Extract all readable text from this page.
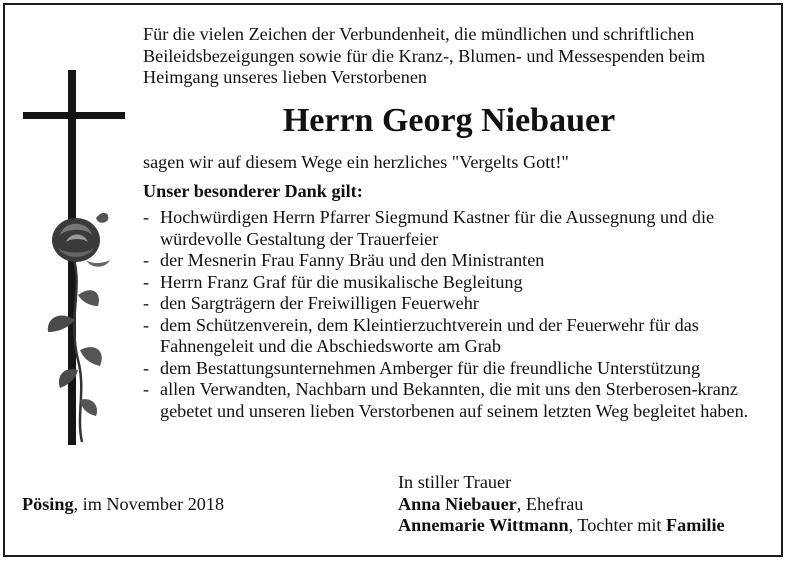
Für die vielen Zeichen der Verbundenheit, die mündlichen und schriftlichen Beileidsbezeigungen sowie für die Kranz-, Blumen- und Messespenden beim Heimgang unseres lieben Verstorbenen
Herrn Georg Niebauer
sagen wir auf diesem Wege ein herzliches "Vergelts Gott!"
Unser besonderer Dank gilt:
- Hochwürdigen Herrn Pfarrer Siegmund Kastner für die Aussegnung und die würdevolle Gestaltung der Trauerfeier
- der Mesnerin Frau Fanny Bräu und den Ministranten
- Herrn Franz Graf für die musikalische Begleitung
- den Sargträgern der Freiwilligen Feuerwehr
- dem Schützenverein, dem Kleintierzuchtverein und der Feuerwehr für das Fahnengeleit und die Abschiedsworte am Grab
- dem Bestattungsunternehmen Amberger für die freundliche Unterstützung
- allen Verwandten, Nachbarn und Bekannten, die mit uns den Sterberosen-kranz gebetet und unseren lieben Verstorbenen auf seinem letzten Weg begleitet haben.
Pösing, im November 2018
In stiller Trauer
Anna Niebauer, Ehefrau
Annemarie Wittmann, Tochter mit Familie
